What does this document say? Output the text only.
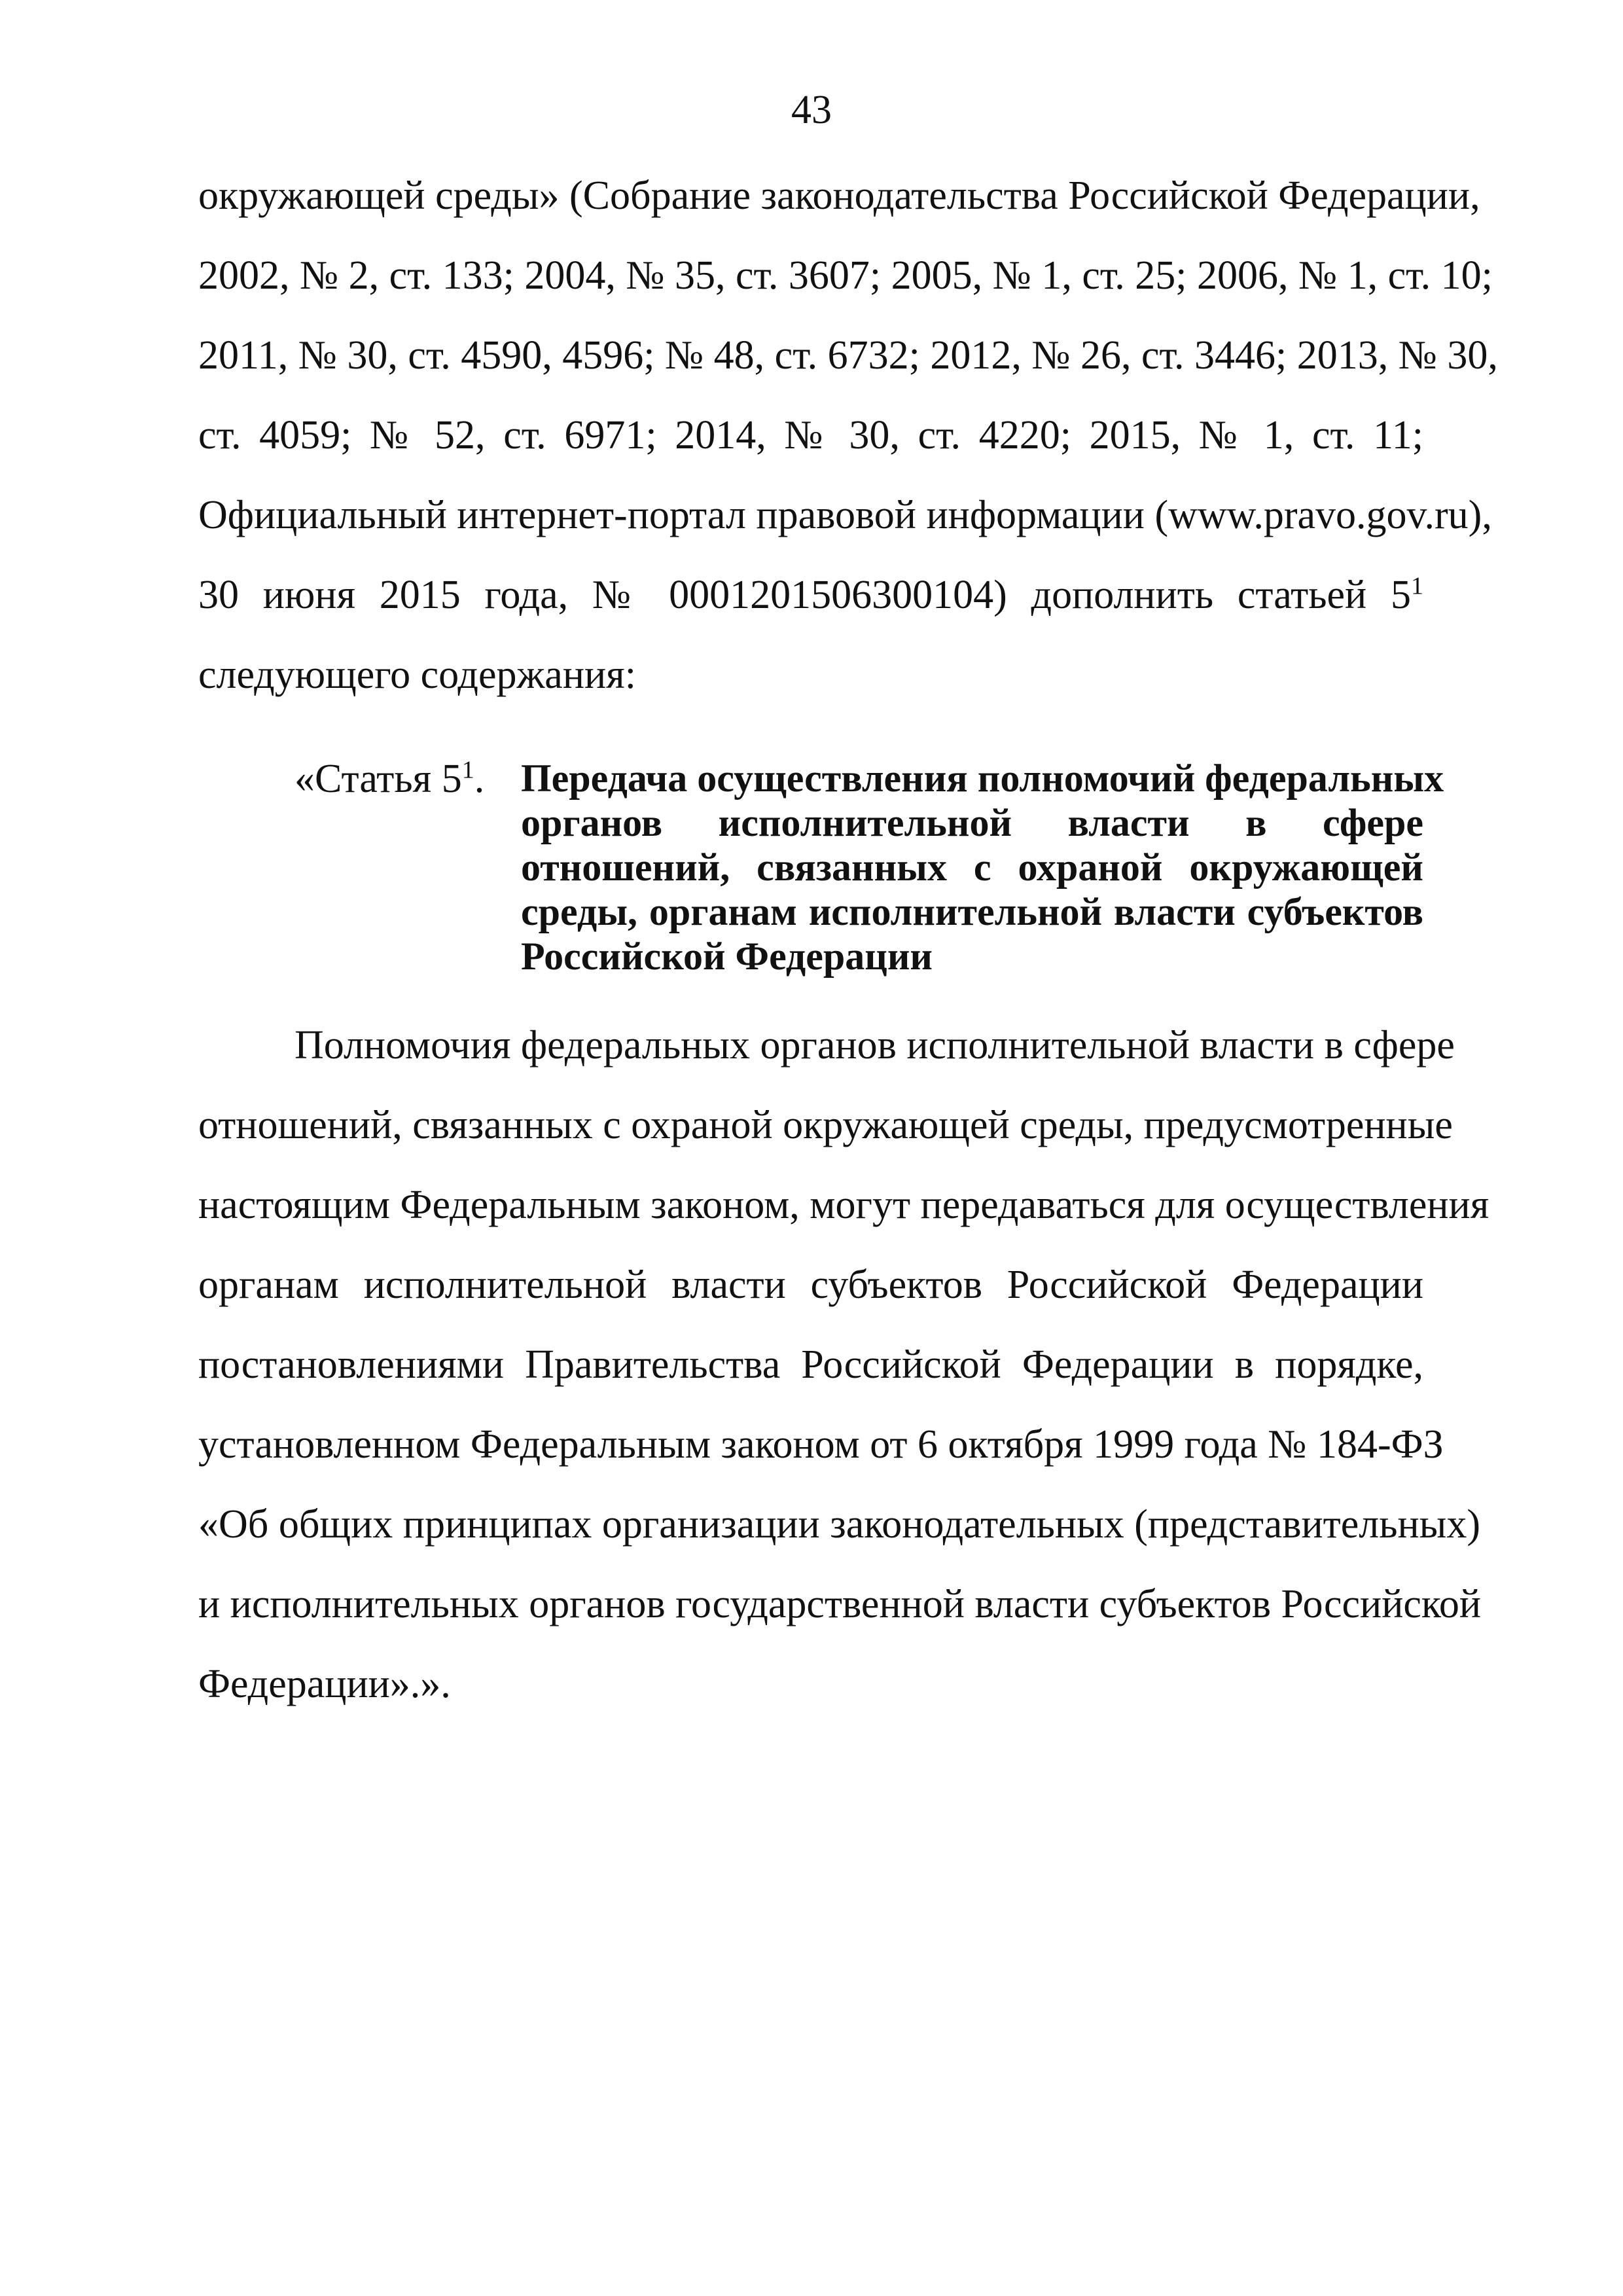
43
окружающей среды» (Собрание законодательства Российской Федерации,
2002, № 2, ст. 133; 2004, № 35, ст. 3607; 2005, № 1, ст. 25; 2006, № 1, ст. 10;
2011, № 30, ст. 4590, 4596; № 48, ст. 6732; 2012, № 26, ст. 3446; 2013, № 30,
ст. 4059; № 52, ст. 6971; 2014, № 30, ст. 4220; 2015, № 1, ст. 11;
Официальный интернет-портал правовой информации (www.pravo.gov.ru),
30 июня 2015 года, № 0001201506300104) дополнить статьей $5^1$
следующего содержания:
«Статья $5^1$. Передача осуществления полномочий федеральных
органов исполнительной власти в сфере
отношений, связанных с охраной окружающей
среды, органам исполнительной власти субъектов
Российской Федерации
Полномочия федеральных органов исполнительной власти в сфере
отношений, связанных с охраной окружающей среды, предусмотренные
настоящим Федеральным законом, могут передаваться для осуществления
органам исполнительной власти субъектов Российской Федерации
постановлениями Правительства Российской Федерации в порядке,
установленном Федеральным законом от 6 октября 1999 года № 184-ФЗ
«Об общих принципах организации законодательных (представительных)
и исполнительных органов государственной власти субъектов Российской
Федерации».».
